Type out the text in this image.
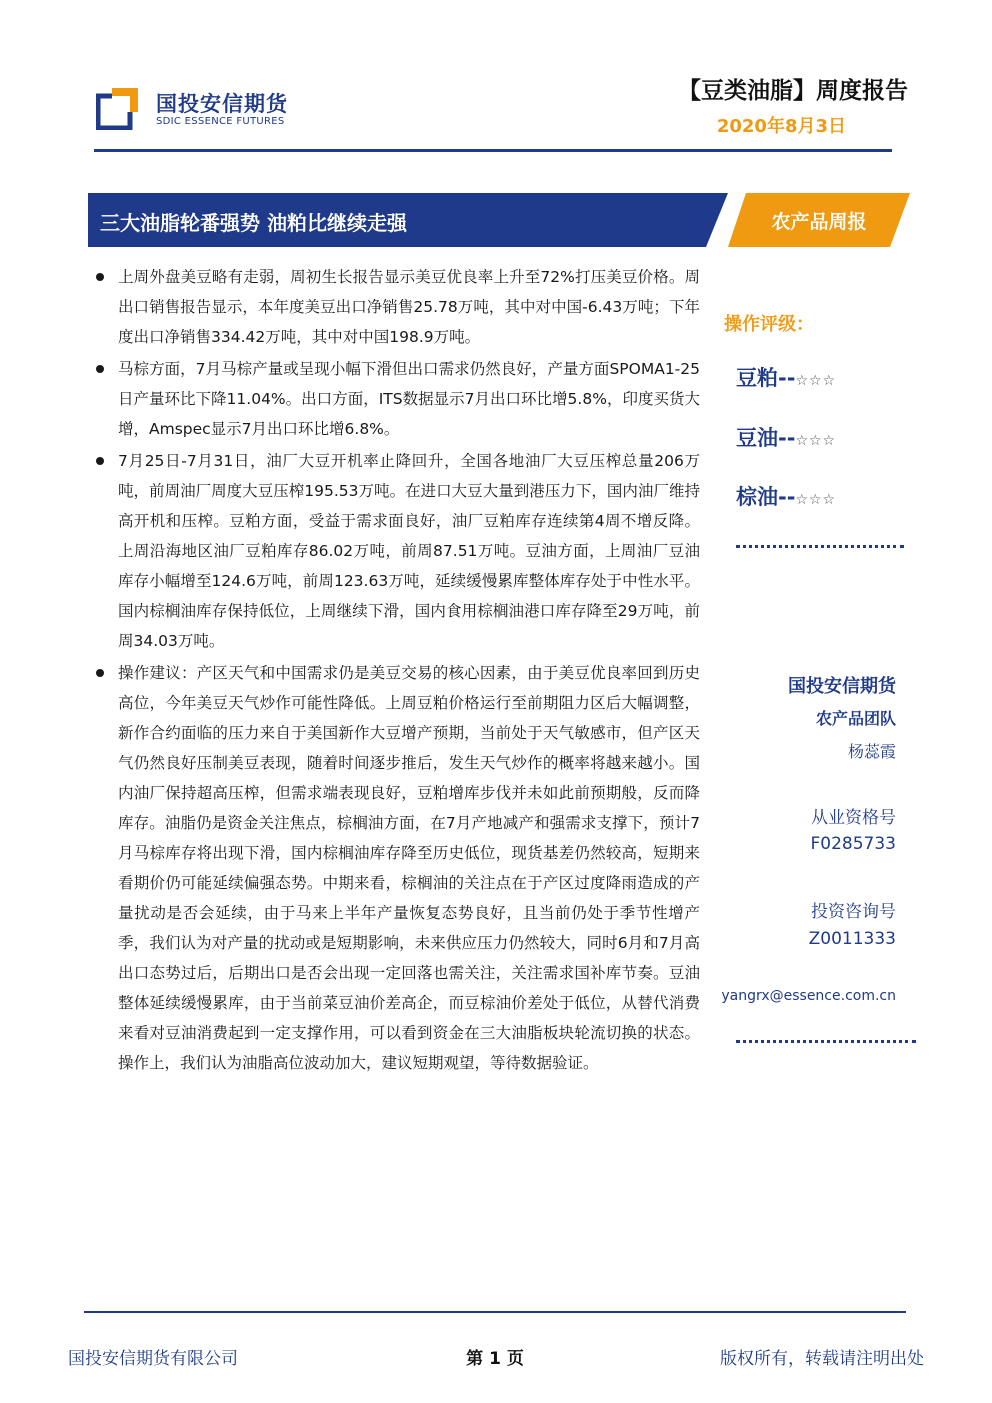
国投安信期货
SDIC ESSENCE FUTURES
【豆类油脂】周度报告
2020年8月3日
三大油脂轮番强势 油粕比继续走强	农产品周报

上周外盘美豆略有走弱，周初生长报告显示美豆优良率上升至72%打压美豆价格。周出口销售报告显示，本年度美豆出口净销售25.78万吨，其中对中国-6.43万吨；下年度出口净销售334.42万吨，其中对中国198.9万吨。

马棕方面，7月马棕产量或呈现小幅下滑但出口需求仍然良好，产量方面SPOMA1-25日产量环比下降11.04%。出口方面，ITS数据显示7月出口环比增5.8%，印度买货大增，Amspec显示7月出口环比增6.8%。

7月25日-7月31日，油厂大豆开机率止降回升，全国各地油厂大豆压榨总量206万吨，前周油厂周度大豆压榨195.53万吨。在进口大豆大量到港压力下，国内油厂维持高开机和压榨。豆粕方面，受益于需求面良好，油厂豆粕库存连续第4周不增反降。上周沿海地区油厂豆粕库存86.02万吨，前周87.51万吨。豆油方面，上周油厂豆油库存小幅增至124.6万吨，前周123.63万吨，延续缓慢累库整体库存处于中性水平。国内棕榈油库存保持低位，上周继续下滑，国内食用棕榈油港口库存降至29万吨，前周34.03万吨。

操作建议：产区天气和中国需求仍是美豆交易的核心因素，由于美豆优良率回到历史高位，今年美豆天气炒作可能性降低。上周豆粕价格运行至前期阻力区后大幅调整，新作合约面临的压力来自于美国新作大豆增产预期，当前处于天气敏感市，但产区天气仍然良好压制美豆表现，随着时间逐步推后，发生天气炒作的概率将越来越小。国内油厂保持超高压榨，但需求端表现良好，豆粕增库步伐并未如此前预期般，反而降库存。油脂仍是资金关注焦点，棕榈油方面，在7月产地减产和强需求支撑下，预计7月马棕库存将出现下滑，国内棕榈油库存降至历史低位，现货基差仍然较高，短期来看期价仍可能延续偏强态势。中期来看，棕榈油的关注点在于产区过度降雨造成的产量扰动是否会延续，由于马来上半年产量恢复态势良好，且当前仍处于季节性增产季，我们认为对产量的扰动或是短期影响，未来供应压力仍然较大，同时6月和7月高出口态势过后，后期出口是否会出现一定回落也需关注，关注需求国补库节奏。豆油整体延续缓慢累库，由于当前菜豆油价差高企，而豆棕油价差处于低位，从替代消费来看对豆油消费起到一定支撑作用，可以看到资金在三大油脂板块轮流切换的状态。操作上，我们认为油脂高位波动加大，建议短期观望，等待数据验证。

操作评级：
豆粕--☆☆☆
豆油--☆☆☆
棕油--☆☆☆
国投安信期货
农产品团队
杨蕊霞
从业资格号
F0285733
投资咨询号
Z0011333
yangrx@essence.com.cn
国投安信期货有限公司	第 1 页	版权所有，转载请注明出处
